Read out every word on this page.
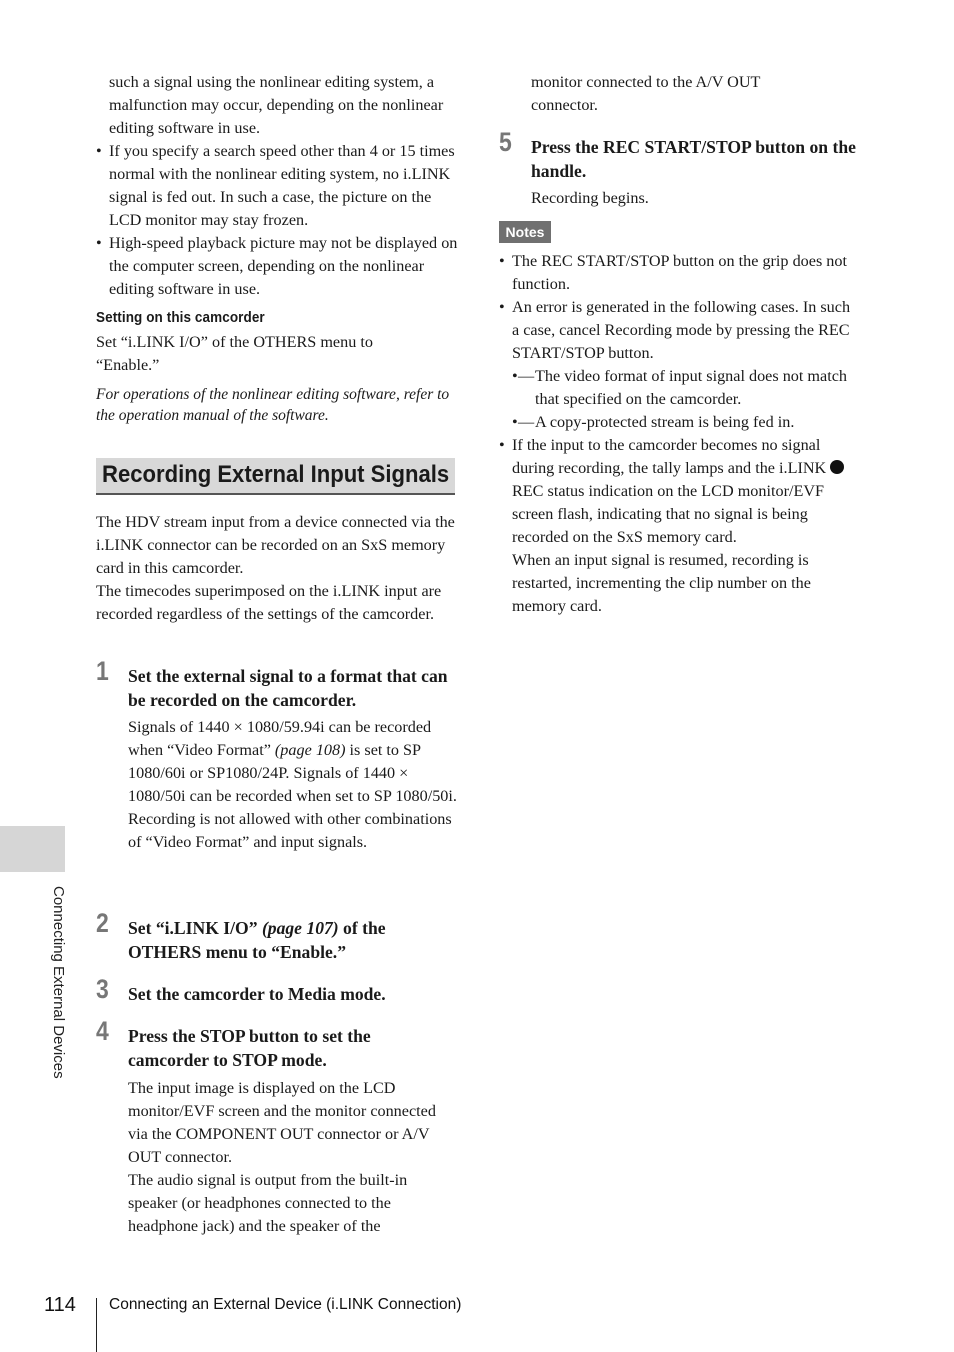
such a signal using the nonlinear editing system, a malfunction may occur, depending on the nonlinear editing software in use.
• If you specify a search speed other than 4 or 15 times normal with the nonlinear editing system, no i.LINK signal is fed out. In such a case, the picture on the LCD monitor may stay frozen.
• High-speed playback picture may not be displayed on the computer screen, depending on the nonlinear editing software in use.
Setting on this camcorder
Set “i.LINK I/O” of the OTHERS menu to “Enable.”
For operations of the nonlinear editing software, refer to the operation manual of the software.
Recording External Input Signals
The HDV stream input from a device connected via the i.LINK connector can be recorded on an SxS memory card in this camcorder.
The timecodes superimposed on the i.LINK input are recorded regardless of the settings of the camcorder.
1 Set the external signal to a format that can be recorded on the camcorder.
Signals of 1440 × 1080/59.94i can be recorded when “Video Format” (page 108) is set to SP 1080/60i or SP1080/24P. Signals of 1440 × 1080/50i can be recorded when set to SP 1080/50i.
Recording is not allowed with other combinations of “Video Format” and input signals.
2 Set “i.LINK I/O” (page 107) of the OTHERS menu to “Enable.”
3 Set the camcorder to Media mode.
4 Press the STOP button to set the camcorder to STOP mode.
The input image is displayed on the LCD monitor/EVF screen and the monitor connected via the COMPONENT OUT connector or A/V OUT connector.
The audio signal is output from the built-in speaker (or headphones connected to the headphone jack) and the speaker of the
monitor connected to the A/V OUT connector.
5 Press the REC START/STOP button on the handle.
Recording begins.
Notes
• The REC START/STOP button on the grip does not function.
• An error is generated in the following cases. In such a case, cancel Recording mode by pressing the REC START/STOP button.
• — The video format of input signal does not match that specified on the camcorder.
• — A copy-protected stream is being fed in.
• If the input to the camcorder becomes no signal during recording, the tally lamps and the i.LINK REC status indication on the LCD monitor/EVF screen flash, indicating that no signal is being recorded on the SxS memory card.
When an input signal is resumed, recording is restarted, incrementing the clip number on the memory card.
Connecting External Devices
114 Connecting an External Device (i.LINK Connection)
